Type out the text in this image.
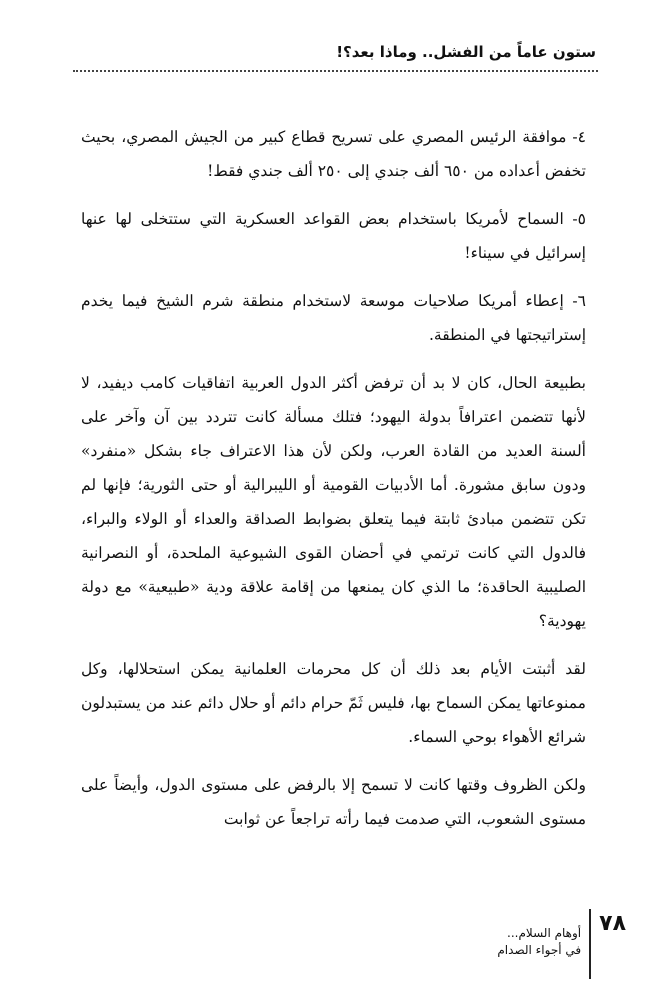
ستون عاماً من الفشل.. وماذا بعد؟!

٤- موافقة الرئيس المصري على تسريح قطاع كبير من الجيش المصري، بحيث تخفض أعداده من ٦٥٠ ألف جندي إلى ٢٥٠ ألف جندي فقط!

٥- السماح لأمريكا باستخدام بعض القواعد العسكرية التي ستتخلى لها عنها إسرائيل في سيناء!

٦- إعطاء أمريكا صلاحيات موسعة لاستخدام منطقة شرم الشيخ فيما يخدم إستراتيجتها في المنطقة.

بطبيعة الحال، كان لا بد أن ترفض أكثر الدول العربية اتفاقيات كامب ديفيد، لا لأنها تتضمن اعترافاً بدولة اليهود؛ فتلك مسألة كانت تتردد بين آن وآخر على ألسنة العديد من القادة العرب، ولكن لأن هذا الاعتراف جاء بشكل «منفرد» ودون سابق مشورة. أما الأدبيات القومية أو الليبرالية أو حتى الثورية؛ فإنها لم تكن تتضمن مبادئ ثابتة فيما يتعلق بضوابط الصداقة والعداء أو الولاء والبراء، فالدول التي كانت ترتمي في أحضان القوى الشيوعية الملحدة، أو النصرانية الصليبية الحاقدة؛ ما الذي كان يمنعها من إقامة علاقة ودية «طبيعية» مع دولة يهودية؟

لقد أثبتت الأيام بعد ذلك أن كل محرمات العلمانية يمكن استحلالها، وكل ممنوعاتها يمكن السماح بها، فليس ثَمّ حرام دائم أو حلال دائم عند من يستبدلون شرائع الأهواء بوحي السماء.

ولكن الظروف وقتها كانت لا تسمح إلا بالرفض على مستوى الدول، وأيضاً على مستوى الشعوب، التي صدمت فيما رأته تراجعاً عن ثوابت

٧٨
أوهام السلام...
في أجواء الصدام
